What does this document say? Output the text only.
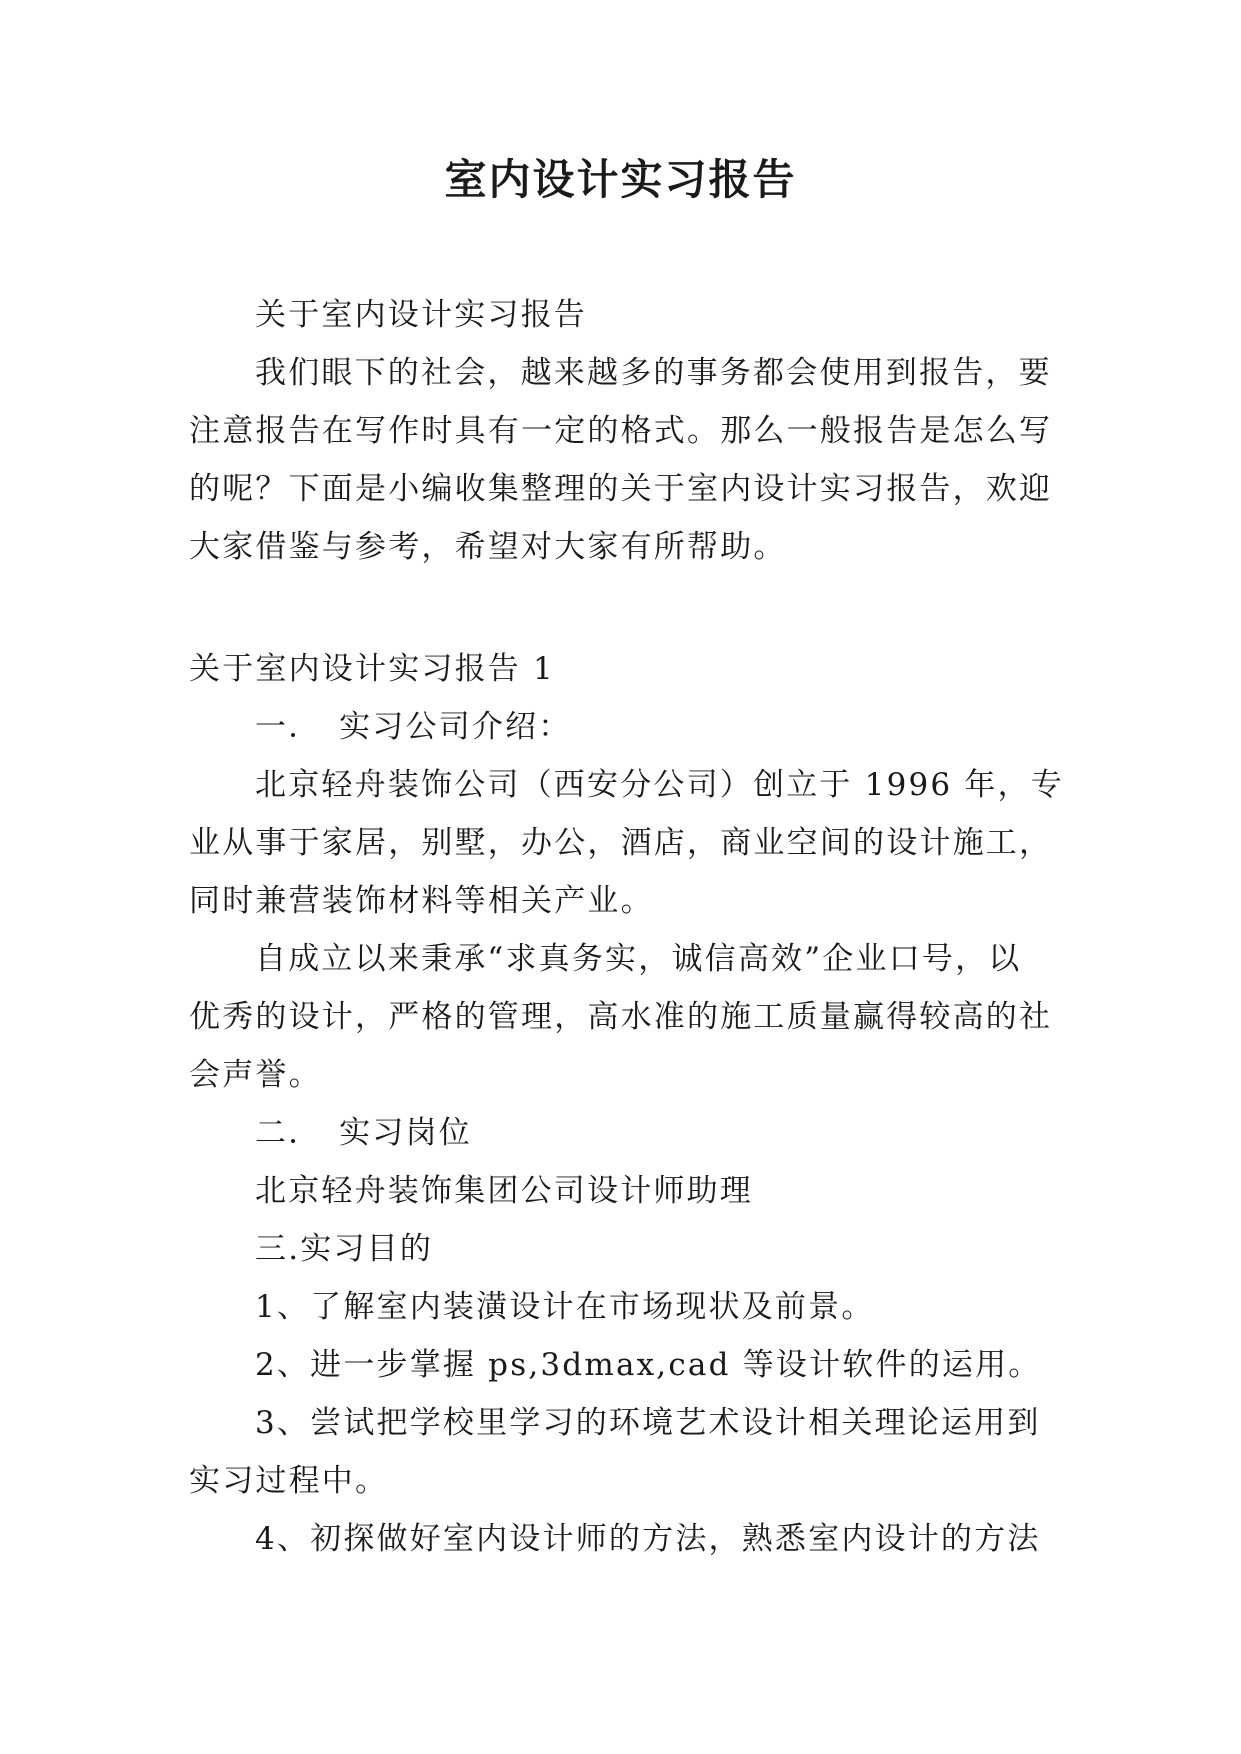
室内设计实习报告
关于室内设计实习报告
我们眼下的社会，越来越多的事务都会使用到报告，要
注意报告在写作时具有一定的格式。那么一般报告是怎么写
的呢？下面是小编收集整理的关于室内设计实习报告，欢迎
大家借鉴与参考，希望对大家有所帮助。
关于室内设计实习报告 1
一．　实习公司介绍：
北京轻舟装饰公司（西安分公司）创立于 1996 年，专
业从事于家居，别墅，办公，酒店，商业空间的设计施工，
同时兼营装饰材料等相关产业。
自成立以来秉承“求真务实，诚信高效”企业口号，以
优秀的设计，严格的管理，高水准的施工质量赢得较高的社
会声誉。
二．　实习岗位
北京轻舟装饰集团公司设计师助理
三.实习目的
1、了解室内装潢设计在市场现状及前景。
2、进一步掌握 ps,3dmax,cad 等设计软件的运用。
3、尝试把学校里学习的环境艺术设计相关理论运用到
实习过程中。
4、初探做好室内设计师的方法，熟悉室内设计的方法
